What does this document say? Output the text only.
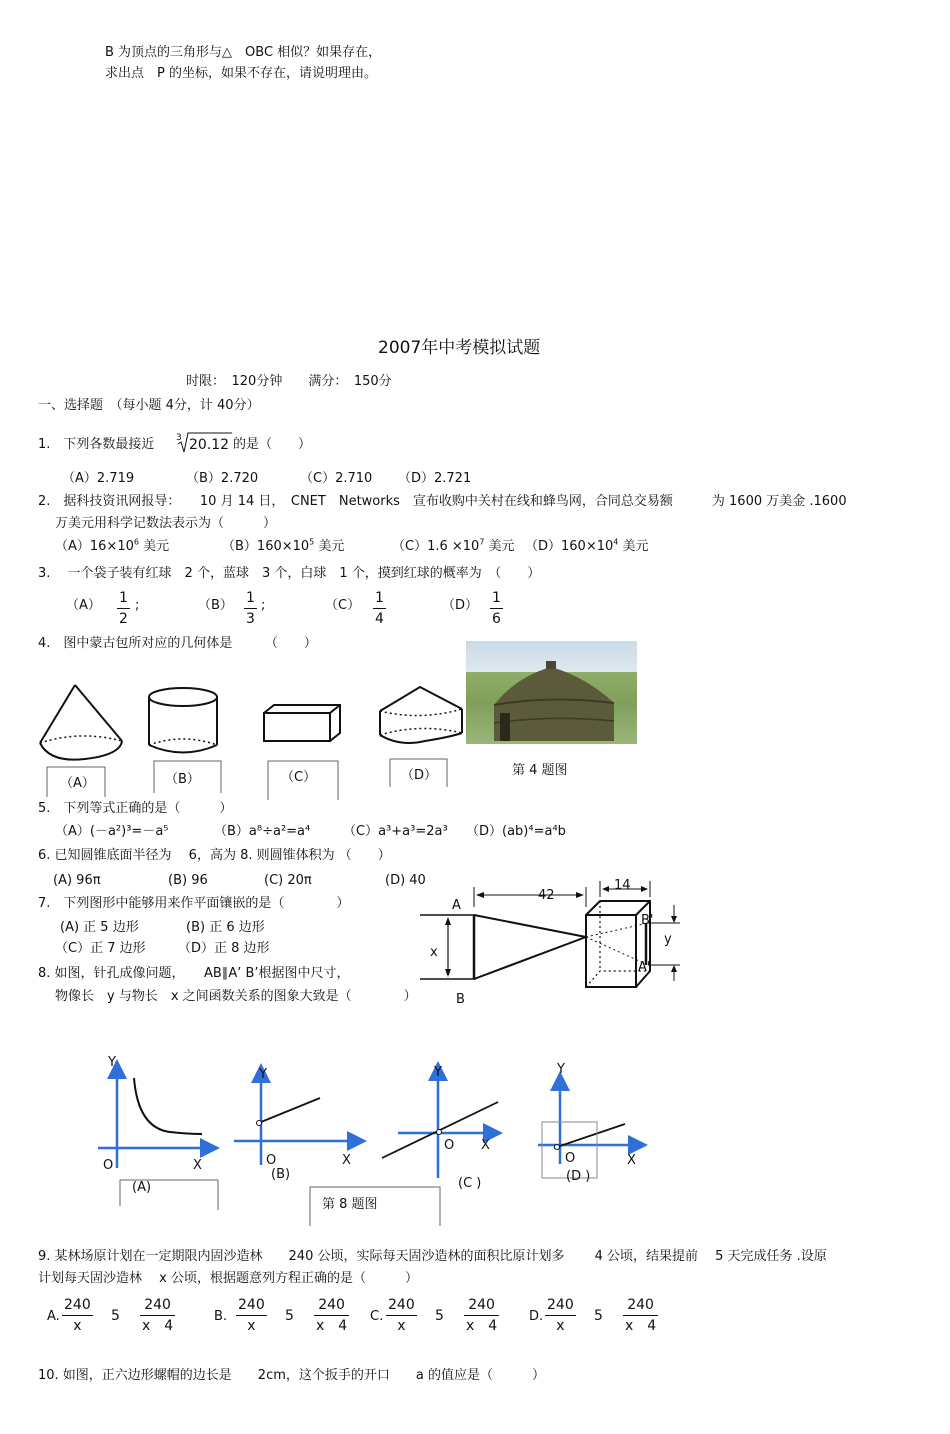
B 为顶点的三角形与△　OBC 相似？如果存在，
求出点　P 的坐标，如果不存在，请说明理由。
2007年中考模拟试题
时限：　120分钟　　满分：　150分
一、选择题　（每小题 4分，计 40分）
1.　下列各数最接近 3 20.12 的是（　　）
（A）2.719	（B）2.720	（C）2.710 （D）2.721
2.　据科技资讯网报导：　　10 月 14 日，　CNET　Networks　宣布收购中关村在线和蜂鸟网，合同总交易额　　　为 1600 万美金 .1600
万美元用科学记数法表示为（　　　）
$(A)16\times 10^6$ 美元	$(B)160\times 10^5$ 美元	$(C)1.6 \times 10^7$ 美元 $(D)160\times 10^4$ 美元
3.　 一个袋子装有红球　2 个，蓝球　3 个，白球　1 个，摸到红球的概率为　（　　）
$(A) \frac{1}{2}$ ;	$(B) \frac{1}{3}$ ;	$(C) \frac{1}{4}$	$(D) \frac{1}{6}$
4.　图中蒙古包所对应的几何体是　　　（　　）
（A）	（B）	（C）	（D）	第 4 题图
5.　下列等式正确的是（　　　）
（A）(－a²)³=－a⁵	（B）a⁸÷a²=a⁴	（C）a³+a³=2a³ （D）(ab)⁴=a⁴b
6. 已知圆锥底面半径为　 6，高为 8. 则圆锥体积为 （　　）
(A) 96π	(B) 96	(C) 20π	(D) 40
7.　下列图形中能够用来作平面镶嵌的是（　　　　）
(A) 正 5 边形	(B) 正 6 边形
（C）正 7 边形 （D）正 8 边形
8. 如图，针孔成像问题，　　AB∥A’ B’根据图中尺寸，
物像长　y 与物长　x 之间函数关系的图象大致是（　　　　）
A
B
x
42
14
B'
A'
y
Y
O	X
(A)
Y
O	X
(B)
Y
O X
(C )
Y
O	X
(D )
第 8 题图
9. 某林场原计划在一定期限内固沙造林　　240 公顷，实际每天固沙造林的面积比原计划多　　 4 公顷，结果提前　 5 天完成任务 .设原
计划每天固沙造林　 x 公顷，根据题意列方程正确的是（　　　）
A. $\frac{240}{x} 5 \frac{240}{x 4}$	B. $\frac{240}{x} 5 \frac{240}{x 4} C$. $\frac{240}{x} 5 \frac{240}{x 4} D$. $\frac{240}{x} 5 \frac{240}{x 4}$
10. 如图，正六边形螺帽的边长是　　2cm，这个扳手的开口　　a 的值应是（　　　）
